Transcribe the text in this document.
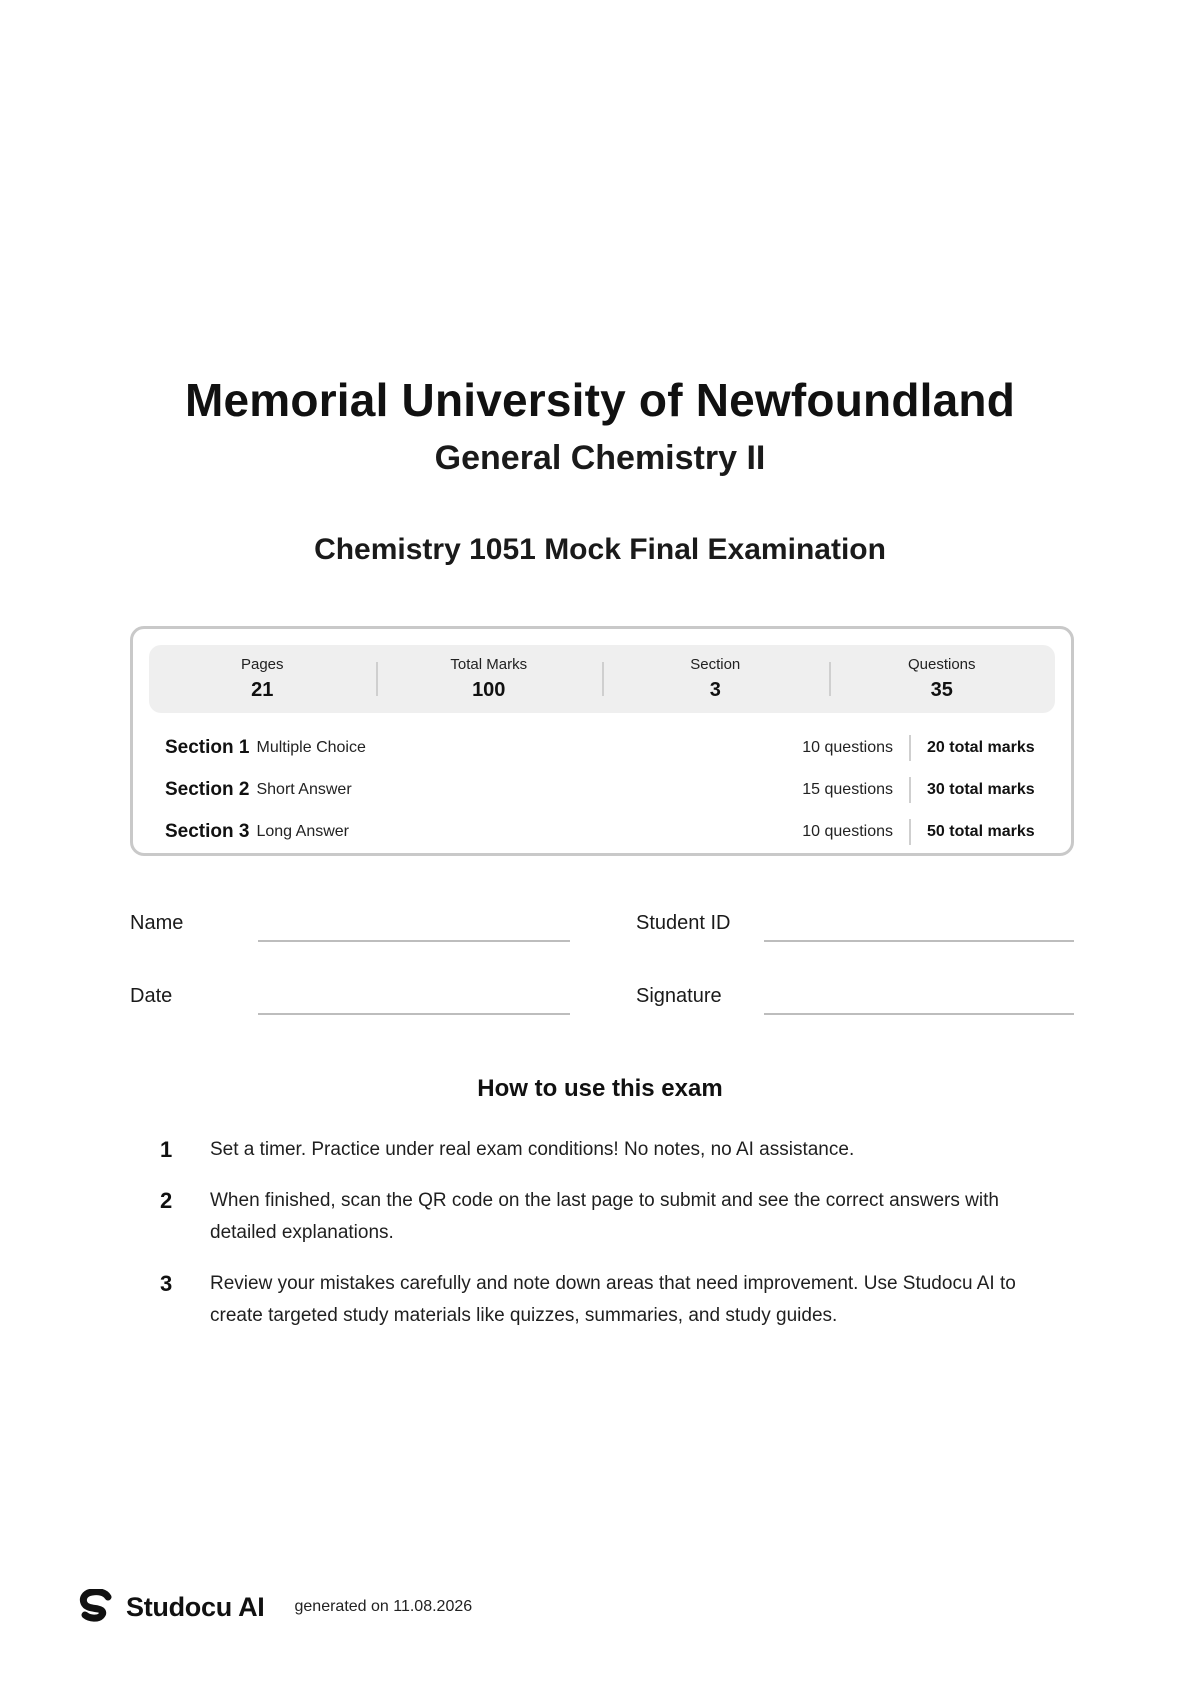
Memorial University of Newfoundland
General Chemistry II
Chemistry 1051 Mock Final Examination
Pages
21
Total Marks
100
Section
3
Questions
35
Section 1 Multiple Choice	10 questions	20 total marks
Section 2 Short Answer	15 questions	30 total marks
Section 3 Long Answer	10 questions	50 total marks
Name	Student ID
Date	Signature
How to use this exam
1	Set a timer. Practice under real exam conditions! No notes, no AI assistance.
2	When finished, scan the QR code on the last page to submit and see the correct answers with detailed explanations.
3	Review your mistakes carefully and note down areas that need improvement. Use Studocu AI to create targeted study materials like quizzes, summaries, and study guides.
Studocu AI generated on 11.08.2026
